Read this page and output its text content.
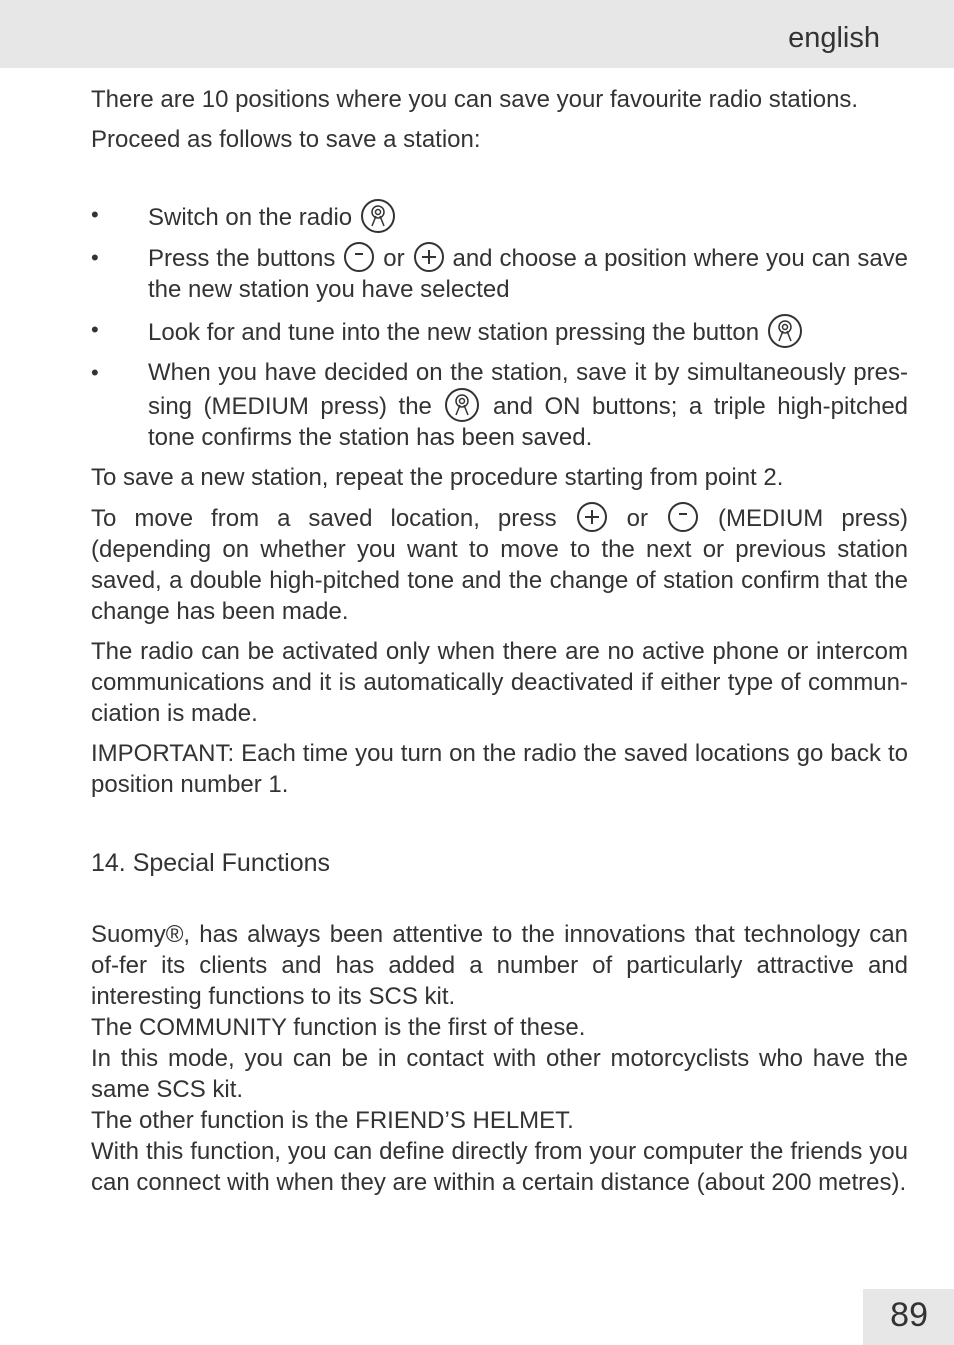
english

There are 10 positions where you can save your favourite radio stations.

Proceed as follows to save a station:

• Switch on the radio
• Press the buttons or and choose a position where you can save the new station you have selected
• Look for and tune into the new station pressing the button
• When you have decided on the station, save it by simultaneously pres-sing (MEDIUM press) the	and ON buttons; a triple high-pitched tone confirms the station has been saved.

To save a new station, repeat the procedure starting from point 2.

To move from a saved location, press	or	(MEDIUM press) (depending on whether you want to move to the next or previous station saved, a double high-pitched tone and the change of station confirm that the change has been made.

The radio can be activated only when there are no active phone or intercom communications and it is automatically deactivated if either type of commun-ciation is made.

IMPORTANT: Each time you turn on the radio the saved locations go back to position number 1.

14. Special Functions

Suomy®, has always been attentive to the innovations that technology can of-fer its clients and has added a number of particularly attractive and interesting functions to its SCS kit.

The COMMUNITY function is the first of these.

In this mode, you can be in contact with other motorcyclists who have the same SCS kit.

The other function is the FRIEND’S HELMET.

With this function, you can define directly from your computer the friends you can connect with when they are within a certain distance (about 200 metres).

89
